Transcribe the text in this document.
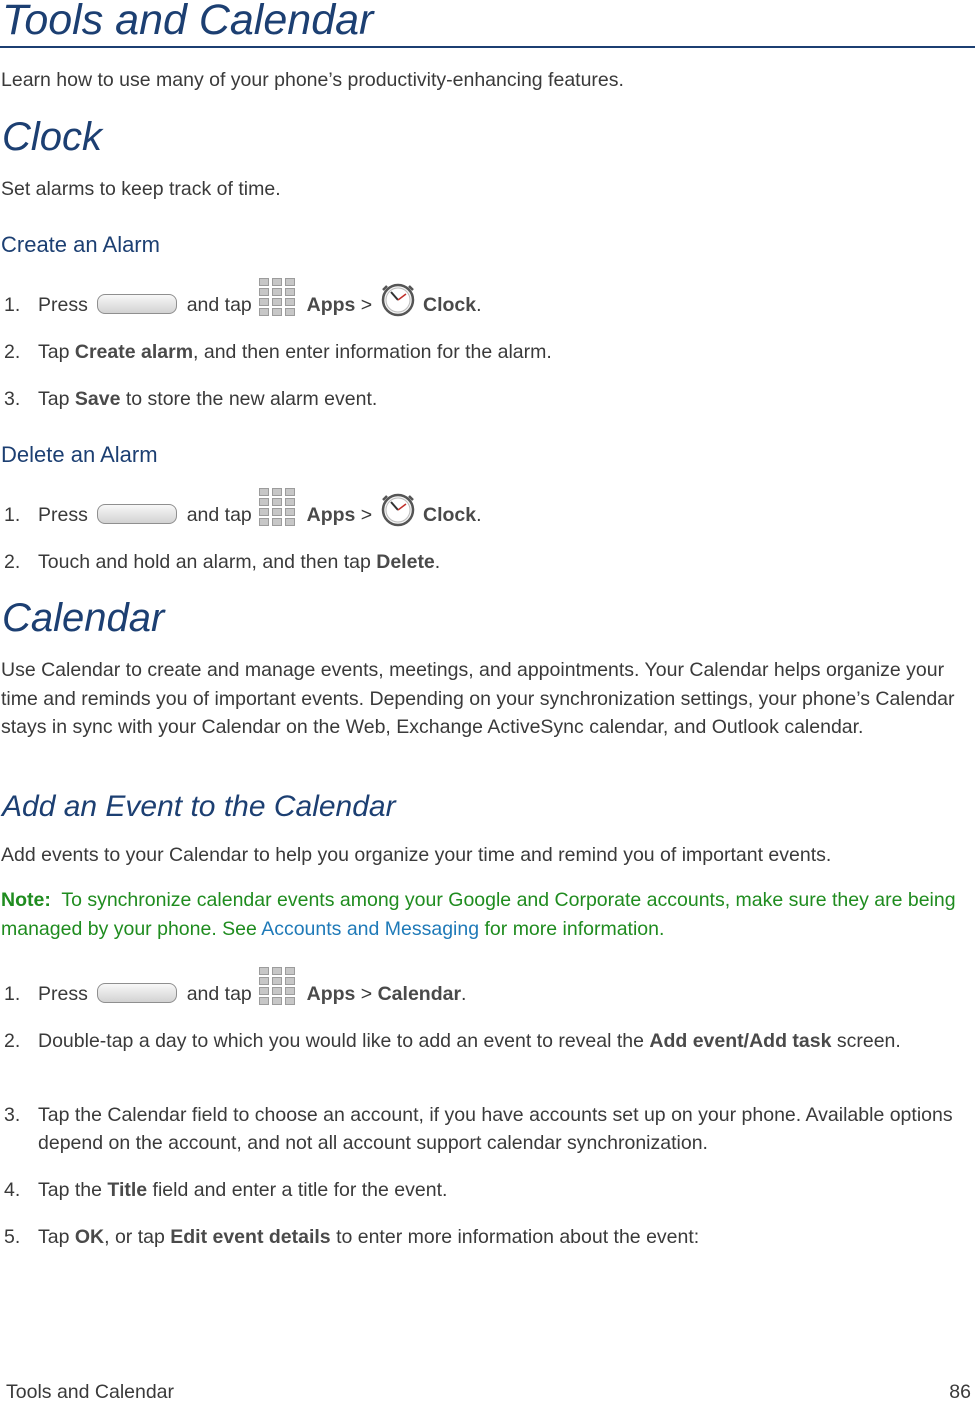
Tools and Calendar

Learn how to use many of your phone’s productivity-enhancing features.

Clock

Set alarms to keep track of time.

Create an Alarm
1. Press	and tap	Apps >	Clock.
2. Tap Create alarm, and then enter information for the alarm.
3. Tap Save to store the new alarm event.
Delete an Alarm
1. Press	and tap	Apps >	Clock.
2. Touch and hold an alarm, and then tap Delete.
Calendar

Use Calendar to create and manage events, meetings, and appointments. Your Calendar helps organize your time and reminds you of important events. Depending on your synchronization settings, your phone’s Calendar stays in sync with your Calendar on the Web, Exchange ActiveSync calendar, and Outlook calendar.

Add an Event to the Calendar

Add events to your Calendar to help you organize your time and remind you of important events.

Note: To synchronize calendar events among your Google and Corporate accounts, make sure they are being managed by your phone. See Accounts and Messaging for more information.

1. Press	and tap	Apps > Calendar.
2. Double-tap a day to which you would like to add an event to reveal the Add event/Add task screen.
3. Tap the Calendar field to choose an account, if you have accounts set up on your phone. Available options depend on the account, and not all account support calendar synchronization.
4. Tap the Title field and enter a title for the event.
5. Tap OK, or tap Edit event details to enter more information about the event:
Tools and Calendar	86
